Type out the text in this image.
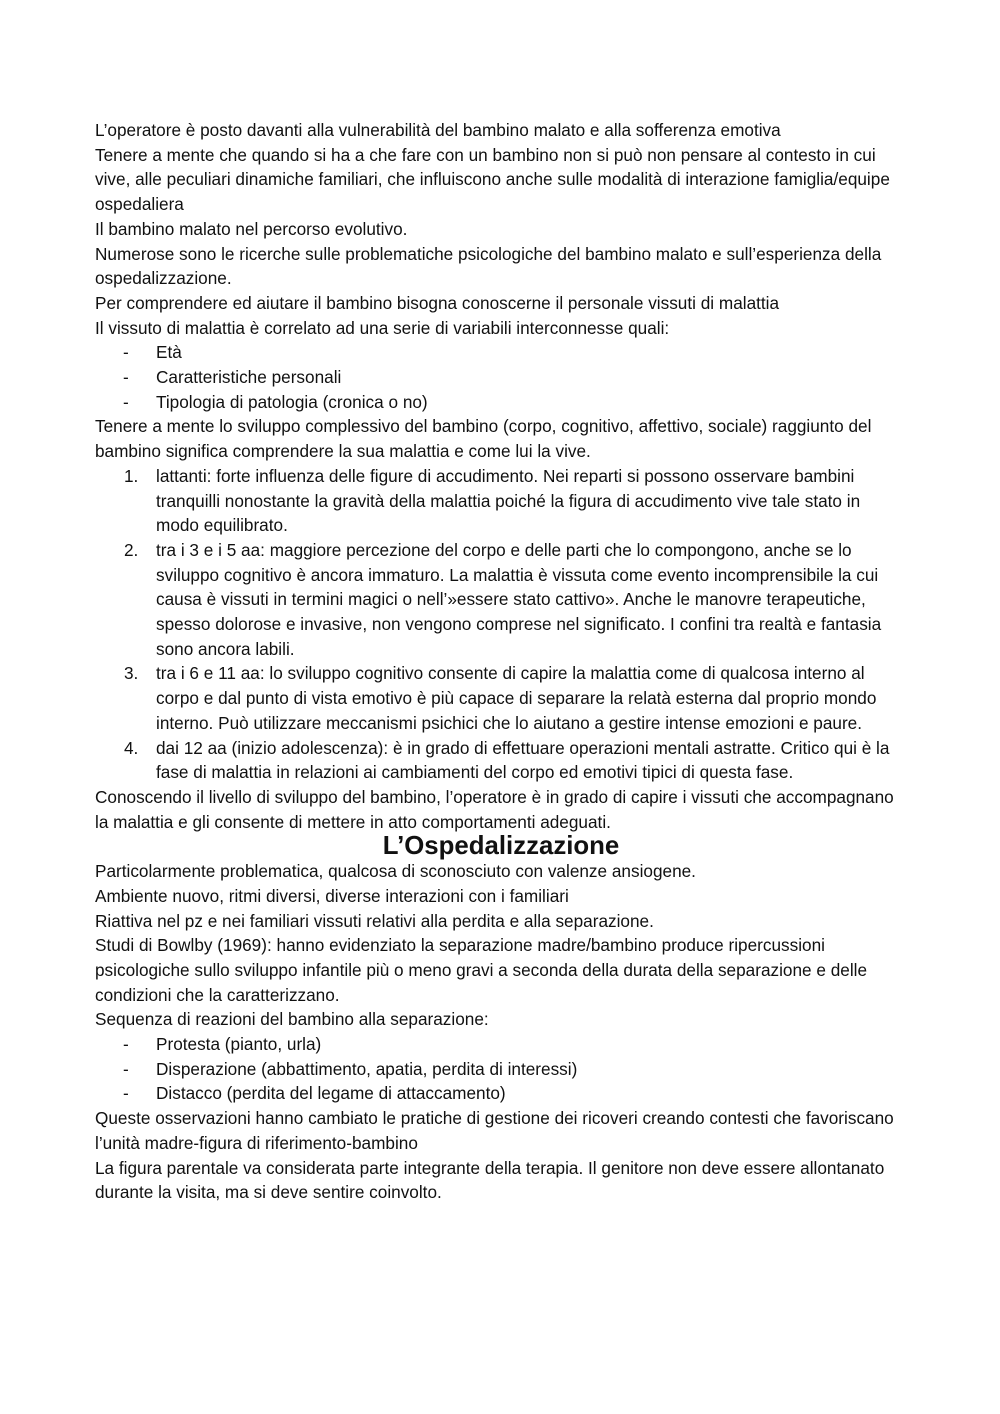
L’operatore è posto davanti alla vulnerabilità del bambino malato e alla sofferenza emotiva

Tenere a mente che quando si ha a che fare con un bambino non si può non pensare al contesto in cui vive, alle peculiari dinamiche familiari, che influiscono anche sulle modalità di interazione famiglia/equipe ospedaliera

Il bambino malato nel percorso evolutivo.

Numerose sono le ricerche sulle problematiche psicologiche del bambino malato e sull’esperienza della ospedalizzazione.

Per comprendere ed aiutare il bambino bisogna conoscerne il personale vissuti di malattia

Il vissuto di malattia è correlato ad una serie di variabili interconnesse quali:

- Età
- Caratteristiche personali
- Tipologia di patologia (cronica o no)

Tenere a mente lo sviluppo complessivo del bambino (corpo, cognitivo, affettivo, sociale) raggiunto del bambino significa comprendere la sua malattia e come lui la vive.

1. lattanti: forte influenza delle figure di accudimento. Nei reparti si possono osservare bambini tranquilli nonostante la gravità della malattia poiché la figura di accudimento vive tale stato in modo equilibrato.
2. tra i 3 e i 5 aa: maggiore percezione del corpo e delle parti che lo compongono, anche se lo sviluppo cognitivo è ancora immaturo. La malattia è vissuta come evento incomprensibile la cui causa è vissuti in termini magici o nell’»essere stato cattivo». Anche le manovre terapeutiche, spesso dolorose e invasive, non vengono comprese nel significato. I confini tra realtà e fantasia sono ancora labili.
3. tra i 6 e 11 aa: lo sviluppo cognitivo consente di capire la malattia come di qualcosa interno al corpo e dal punto di vista emotivo è più capace di separare la relatà esterna dal proprio mondo interno. Può utilizzare meccanismi psichici che lo aiutano a gestire intense emozioni e paure.
4. dai 12 aa (inizio adolescenza): è in grado di effettuare operazioni mentali astratte. Critico qui è la fase di malattia in relazioni ai cambiamenti del corpo ed emotivi tipici di questa fase.

Conoscendo il livello di sviluppo del bambino, l’operatore è in grado di capire i vissuti che accompagnano la malattia e gli consente di mettere in atto comportamenti adeguati.

L’Ospedalizzazione

Particolarmente problematica, qualcosa di sconosciuto con valenze ansiogene.

Ambiente nuovo, ritmi diversi, diverse interazioni con i familiari

Riattiva nel pz e nei familiari vissuti relativi alla perdita e alla separazione.

Studi di Bowlby (1969): hanno evidenziato la separazione madre/bambino produce ripercussioni psicologiche sullo sviluppo infantile più o meno gravi a seconda della durata della separazione e delle condizioni che la caratterizzano.

Sequenza di reazioni del bambino alla separazione:

- Protesta (pianto, urla)
- Disperazione (abbattimento, apatia, perdita di interessi)
- Distacco (perdita del legame di attaccamento)

Queste osservazioni hanno cambiato le pratiche di gestione dei ricoveri creando contesti che favoriscano l’unità madre-figura di riferimento-bambino

La figura parentale va considerata parte integrante della terapia. Il genitore non deve essere allontanato durante la visita, ma si deve sentire coinvolto.
